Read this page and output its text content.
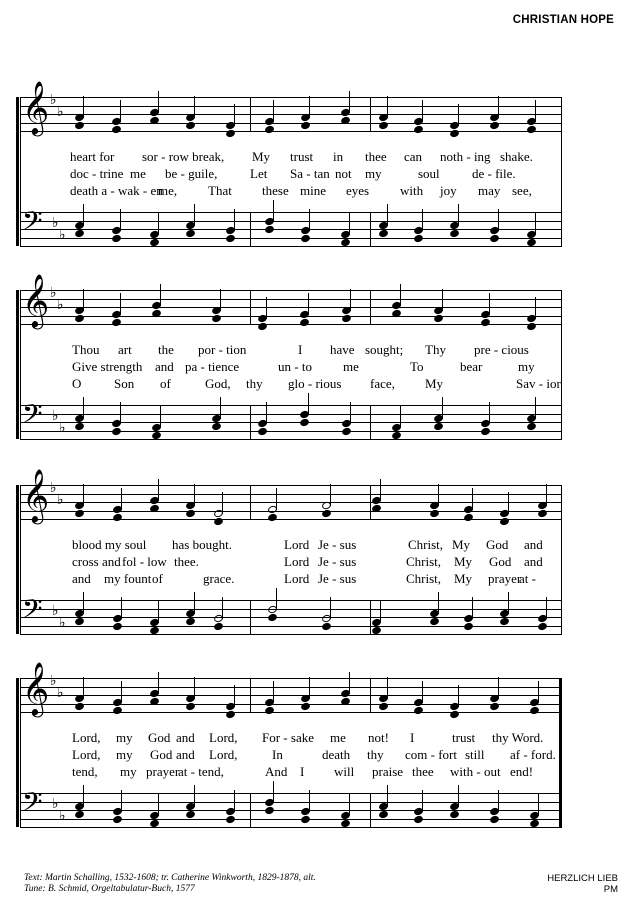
CHRISTIAN HOPE
𝄞 ♭
♭
𝄢 ♭
♭
heart for sor - row break, My trust in thee can noth - ing shake.
doc - trine me be - guile,	Let Sa - tan not my	soul de - file.
death a - wak - en
me, That these mine eyes with joy may see,
𝄞 ♭
♭
𝄢 ♭
♭
Thou art the por - tion	I have sought; Thy pre - cious
Give strength and pa - tience	un - to me	To	bear	my
O	Son of	God, thy glo - rious face, My	Sav - ior
𝄞 ♭
♭
𝄢 ♭
♭
blood my soul has bought.	Lord Je - sus	Christ, My God and
cross and fol - low thee.	Lord Je - sus	Christ, My God and
and my fount of	grace.	Lord Je - sus	Christ, My prayer
at -
𝄞 ♭
♭
𝄢 ♭
♭
Lord, my God and Lord, For - sake me not! I	trust thy Word.
Lord, my God and Lord,	In	death thy com - fort still af - ford.
tend, my prayer
at - tend,	And I will praise thee with - out end!
Text: Martin Schalling, 1532-1608; tr. Catherine Winkworth, 1829-1878, alt.
Tune: B. Schmid, Orgeltabulatur-Buch, 1577
HERZLICH LIEB
PM
